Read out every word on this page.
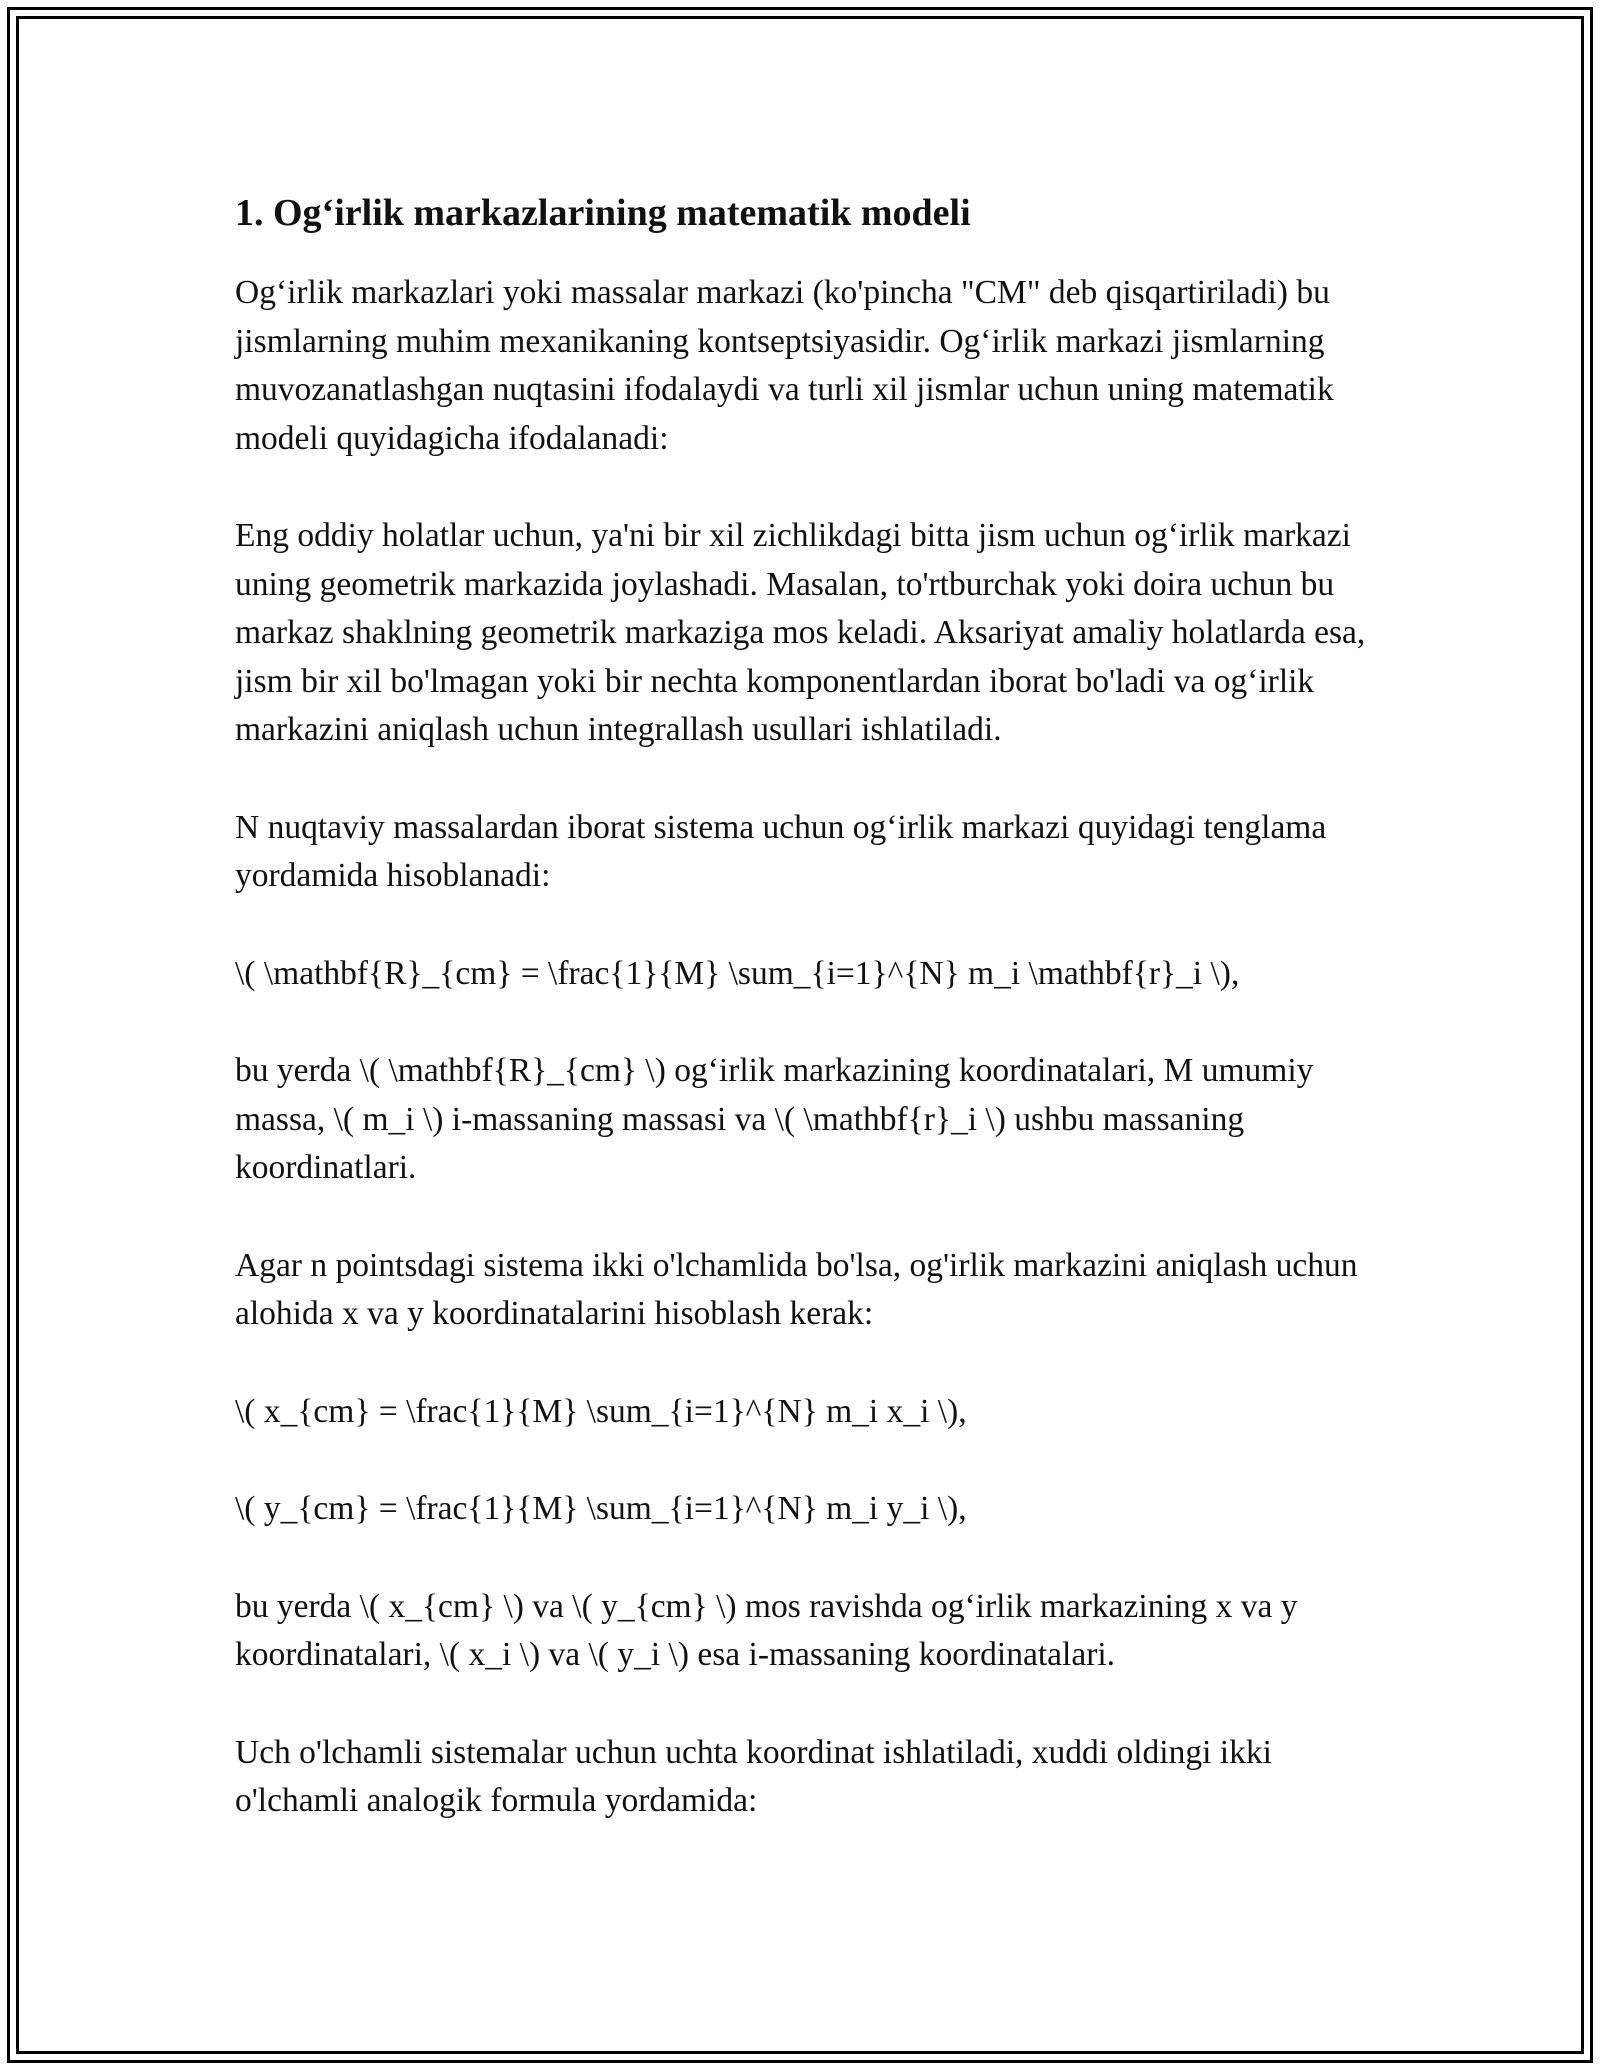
1. Og‘irlik markazlarining matematik modeli

Og‘irlik markazlari yoki massalar markazi (ko'pincha "CM" deb qisqartiriladi) bu jismlarning muhim mexanikaning kontseptsiyasidir. Og‘irlik markazi jismlarning muvozanatlashgan nuqtasini ifodalaydi va turli xil jismlar uchun uning matematik modeli quyidagicha ifodalanadi:

Eng oddiy holatlar uchun, ya'ni bir xil zichlikdagi bitta jism uchun og‘irlik markazi uning geometrik markazida joylashadi. Masalan, to'rtburchak yoki doira uchun bu markaz shaklning geometrik markaziga mos keladi. Aksariyat amaliy holatlarda esa, jism bir xil bo'lmagan yoki bir nechta komponentlardan iborat bo'ladi va og‘irlik markazini aniqlash uchun integrallash usullari ishlatiladi.

N nuqtaviy massalardan iborat sistema uchun og‘irlik markazi quyidagi tenglama yordamida hisoblanadi:

\( \mathbf{R}_{cm} = \frac{1}{M} \sum_{i=1}^{N} m_i \mathbf{r}_i \),

bu yerda \( \mathbf{R}_{cm} \) og‘irlik markazining koordinatalari, M umumiy massa, \( m_i \) i-massaning massasi va \( \mathbf{r}_i \) ushbu massaning koordinatlari.

Agar n pointsdagi sistema ikki o'lchamlida bo'lsa, og'irlik markazini aniqlash uchun alohida x va y koordinatalarini hisoblash kerak:

\( x_{cm} = \frac{1}{M} \sum_{i=1}^{N} m_i x_i \),

\( y_{cm} = \frac{1}{M} \sum_{i=1}^{N} m_i y_i \),

bu yerda \( x_{cm} \) va \( y_{cm} \) mos ravishda og‘irlik markazining x va y koordinatalari, \( x_i \) va \( y_i \) esa i-massaning koordinatalari.

Uch o'lchamli sistemalar uchun uchta koordinat ishlatiladi, xuddi oldingi ikki o'lchamli analogik formula yordamida:
